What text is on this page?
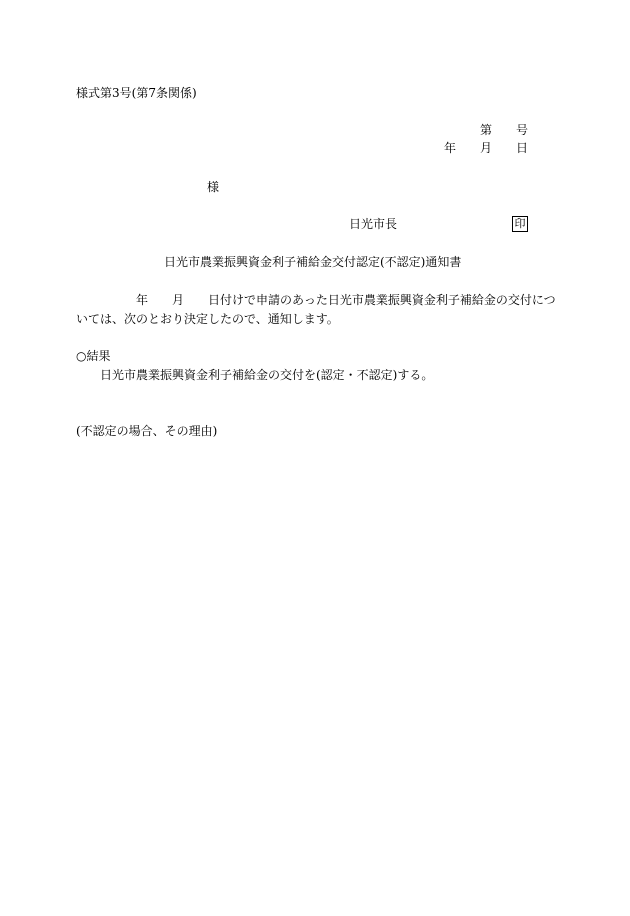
様式第3号(第7条関係)
第 号
年 月 日
様
日光市長	印
日光市農業振興資金利子補給金交付認定(不認定)通知書
年 月 日付けで申請のあった日光市農業振興資金利子補給金の交付につ
いては、次のとおり決定したので、通知します。
○結果
日光市農業振興資金利子補給金の交付を(認定・不認定)する。
(不認定の場合、その理由)
